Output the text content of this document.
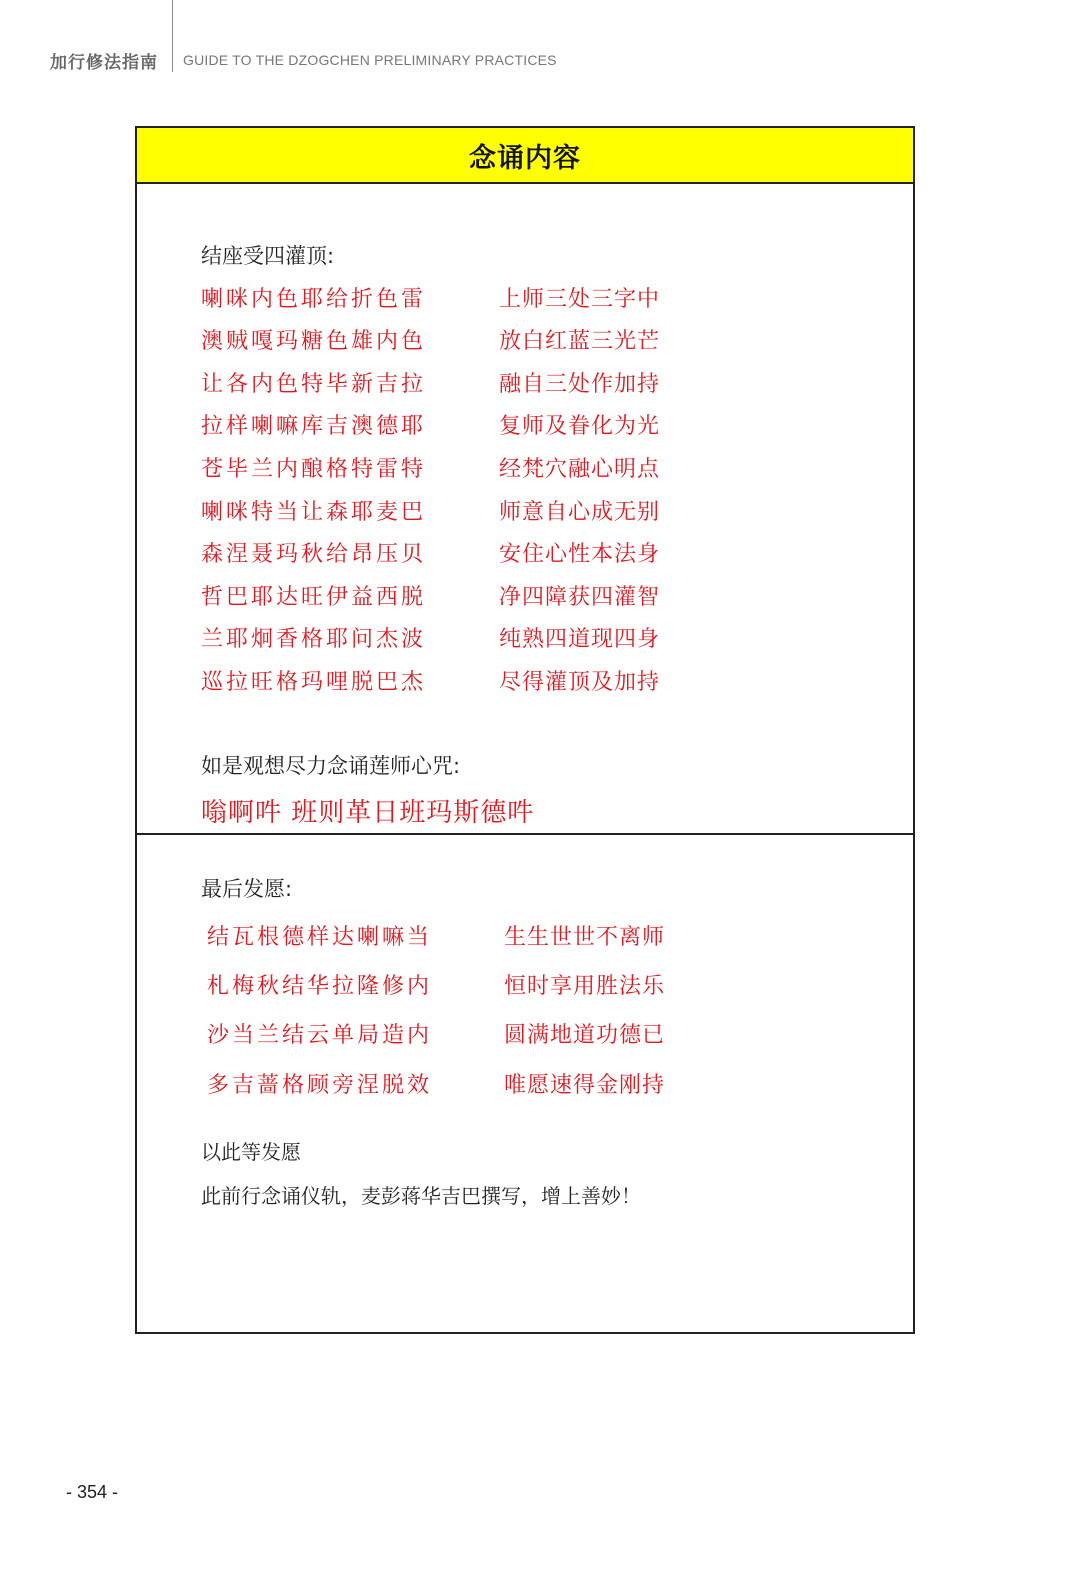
加行修法指南 GUIDE TO THE DZOGCHEN PRELIMINARY PRACTICES
念诵内容
结座受四灌顶:
喇咪内色耶给折色雷	上师三处三字中
澳贼嘎玛糖色雄内色	放白红蓝三光芒
让各内色特毕新吉拉	融自三处作加持
拉样喇嘛库吉澳德耶	复师及眷化为光
苍毕兰内酿格特雷特	经梵穴融心明点
喇咪特当让森耶麦巴	师意自心成无别
森涅聂玛秋给昂压贝	安住心性本法身
哲巴耶达旺伊益西脱	净四障获四灌智
兰耶炯香格耶问杰波	纯熟四道现四身
巡拉旺格玛哩脱巴杰	尽得灌顶及加持
如是观想尽力念诵莲师心咒:
嗡啊吽 班则革日班玛斯德吽
最后发愿:
结瓦根德样达喇嘛当	生生世世不离师
札梅秋结华拉隆修内	恒时享用胜法乐
沙当兰结云单局造内	圆满地道功德已
多吉蔷格顾旁涅脱效	唯愿速得金刚持
以此等发愿
此前行念诵仪轨，麦彭蒋华吉巴撰写，增上善妙！
- 354 -
